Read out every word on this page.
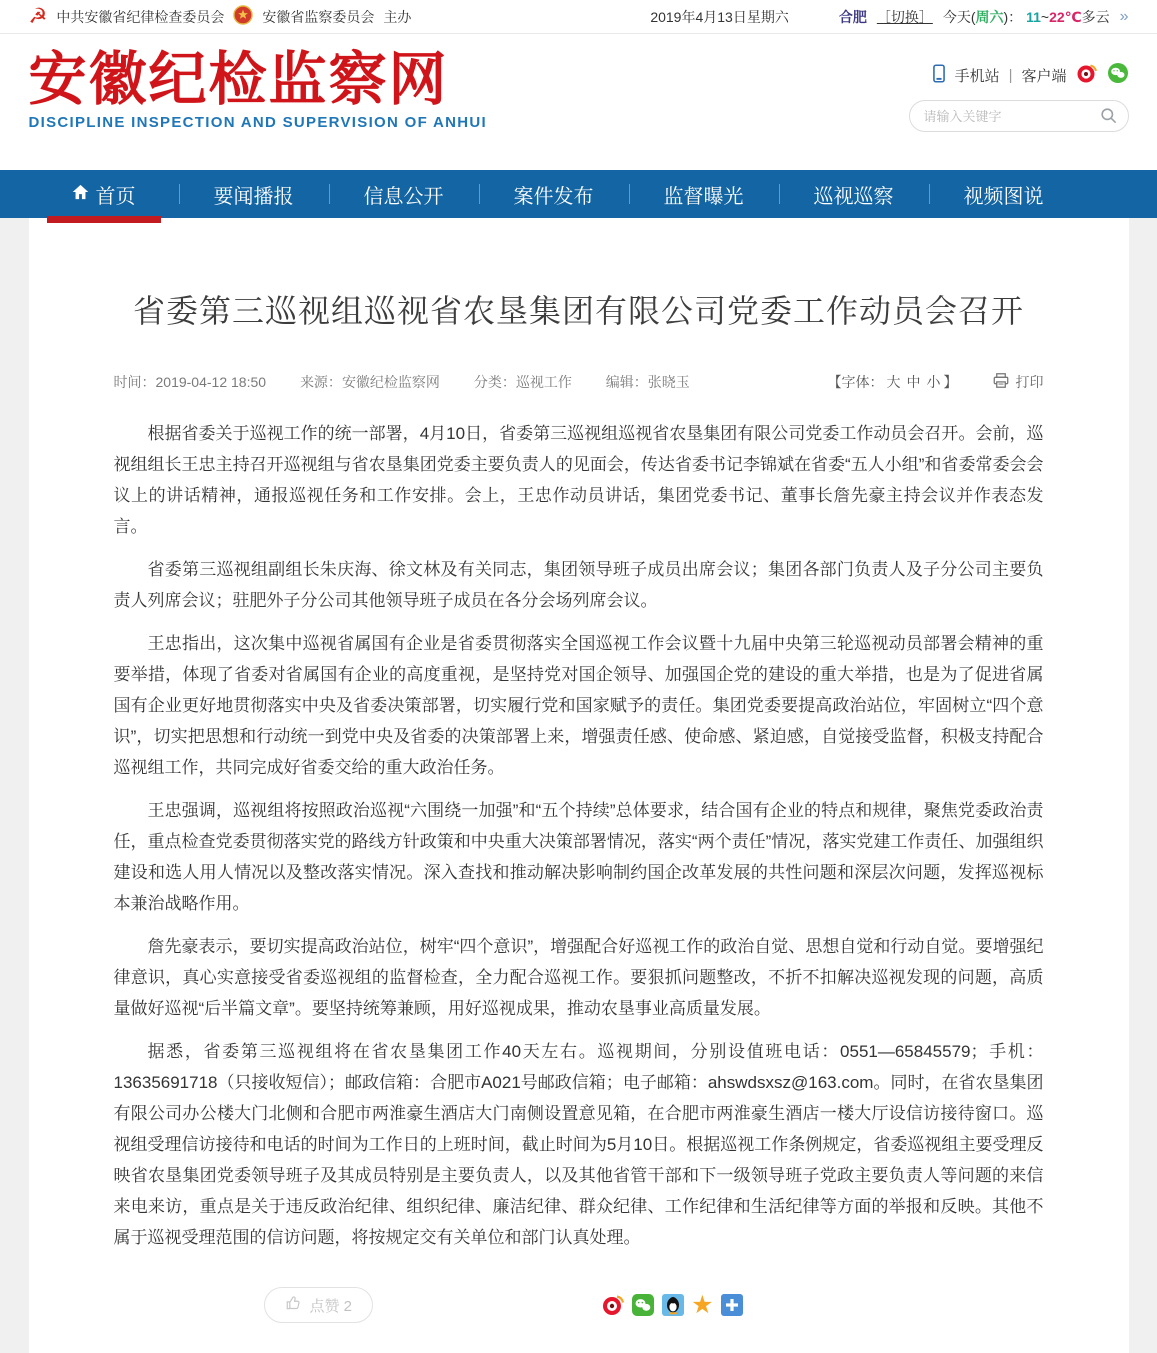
☭ 中共安徽省纪律检查委员会	安徽省监察委员会 主办	2019年4月13日星期六	合肥 ［切换］ 今天(周六)： 11~22℃多云 »
安徽纪检监察网
DISCIPLINE INSPECTION AND SUPERVISION OF ANHUI
手机站 | 客户端
请输入关键字
首页	要闻播报	信息公开	案件发布	监督曝光	巡视巡察	视频图说
省委第三巡视组巡视省农垦集团有限公司党委工作动员会召开
时间：2019-04-12 18:50 来源：安徽纪检监察网 分类：巡视工作 编辑：张晓玉	【字体： 大 中 小 】	打印

根据省委关于巡视工作的统一部署，4月10日，省委第三巡视组巡视省农垦集团有限公司党委工作动员会召开。会前，巡视组组长王忠主持召开巡视组与省农垦集团党委主要负责人的见面会，传达省委书记李锦斌在省委“五人小组”和省委常委会会议上的讲话精神，通报巡视任务和工作安排。会上，王忠作动员讲话，集团党委书记、董事长詹先豪主持会议并作表态发言。

省委第三巡视组副组长朱庆海、徐文林及有关同志，集团领导班子成员出席会议；集团各部门负责人及子分公司主要负责人列席会议；驻肥外子分公司其他领导班子成员在各分会场列席会议。

王忠指出，这次集中巡视省属国有企业是省委贯彻落实全国巡视工作会议暨十九届中央第三轮巡视动员部署会精神的重要举措，体现了省委对省属国有企业的高度重视，是坚持党对国企领导、加强国企党的建设的重大举措，也是为了促进省属国有企业更好地贯彻落实中央及省委决策部署，切实履行党和国家赋予的责任。集团党委要提高政治站位，牢固树立“四个意识”，切实把思想和行动统一到党中央及省委的决策部署上来，增强责任感、使命感、紧迫感，自觉接受监督，积极支持配合巡视组工作，共同完成好省委交给的重大政治任务。

王忠强调，巡视组将按照政治巡视“六围绕一加强”和“五个持续”总体要求，结合国有企业的特点和规律，聚焦党委政治责任，重点检查党委贯彻落实党的路线方针政策和中央重大决策部署情况，落实“两个责任”情况，落实党建工作责任、加强组织建设和选人用人情况以及整改落实情况。深入查找和推动解决影响制约国企改革发展的共性问题和深层次问题，发挥巡视标本兼治战略作用。

詹先豪表示，要切实提高政治站位，树牢“四个意识”，增强配合好巡视工作的政治自觉、思想自觉和行动自觉。要增强纪律意识，真心实意接受省委巡视组的监督检查，全力配合巡视工作。要狠抓问题整改，不折不扣解决巡视发现的问题，高质量做好巡视“后半篇文章”。要坚持统筹兼顾，用好巡视成果，推动农垦事业高质量发展。

据悉，省委第三巡视组将在省农垦集团工作40天左右。巡视期间，分别设值班电话：0551—65845579；手机：13635691718（只接收短信）；邮政信箱：合肥市A021号邮政信箱；电子邮箱：ahswdsxsz@163.com。同时，在省农垦集团有限公司办公楼大门北侧和合肥市两淮豪生酒店大门南侧设置意见箱，在合肥市两淮豪生酒店一楼大厅设信访接待窗口。巡视组受理信访接待和电话的时间为工作日的上班时间，截止时间为5月10日。根据巡视工作条例规定，省委巡视组主要受理反映省农垦集团党委领导班子及其成员特别是主要负责人，以及其他省管干部和下一级领导班子党政主要负责人等问题的来信来电来访，重点是关于违反政治纪律、组织纪律、廉洁纪律、群众纪律、工作纪律和生活纪律等方面的举报和反映。其他不属于巡视受理范围的信访问题，将按规定交有关单位和部门认真处理。

点赞 2	★
